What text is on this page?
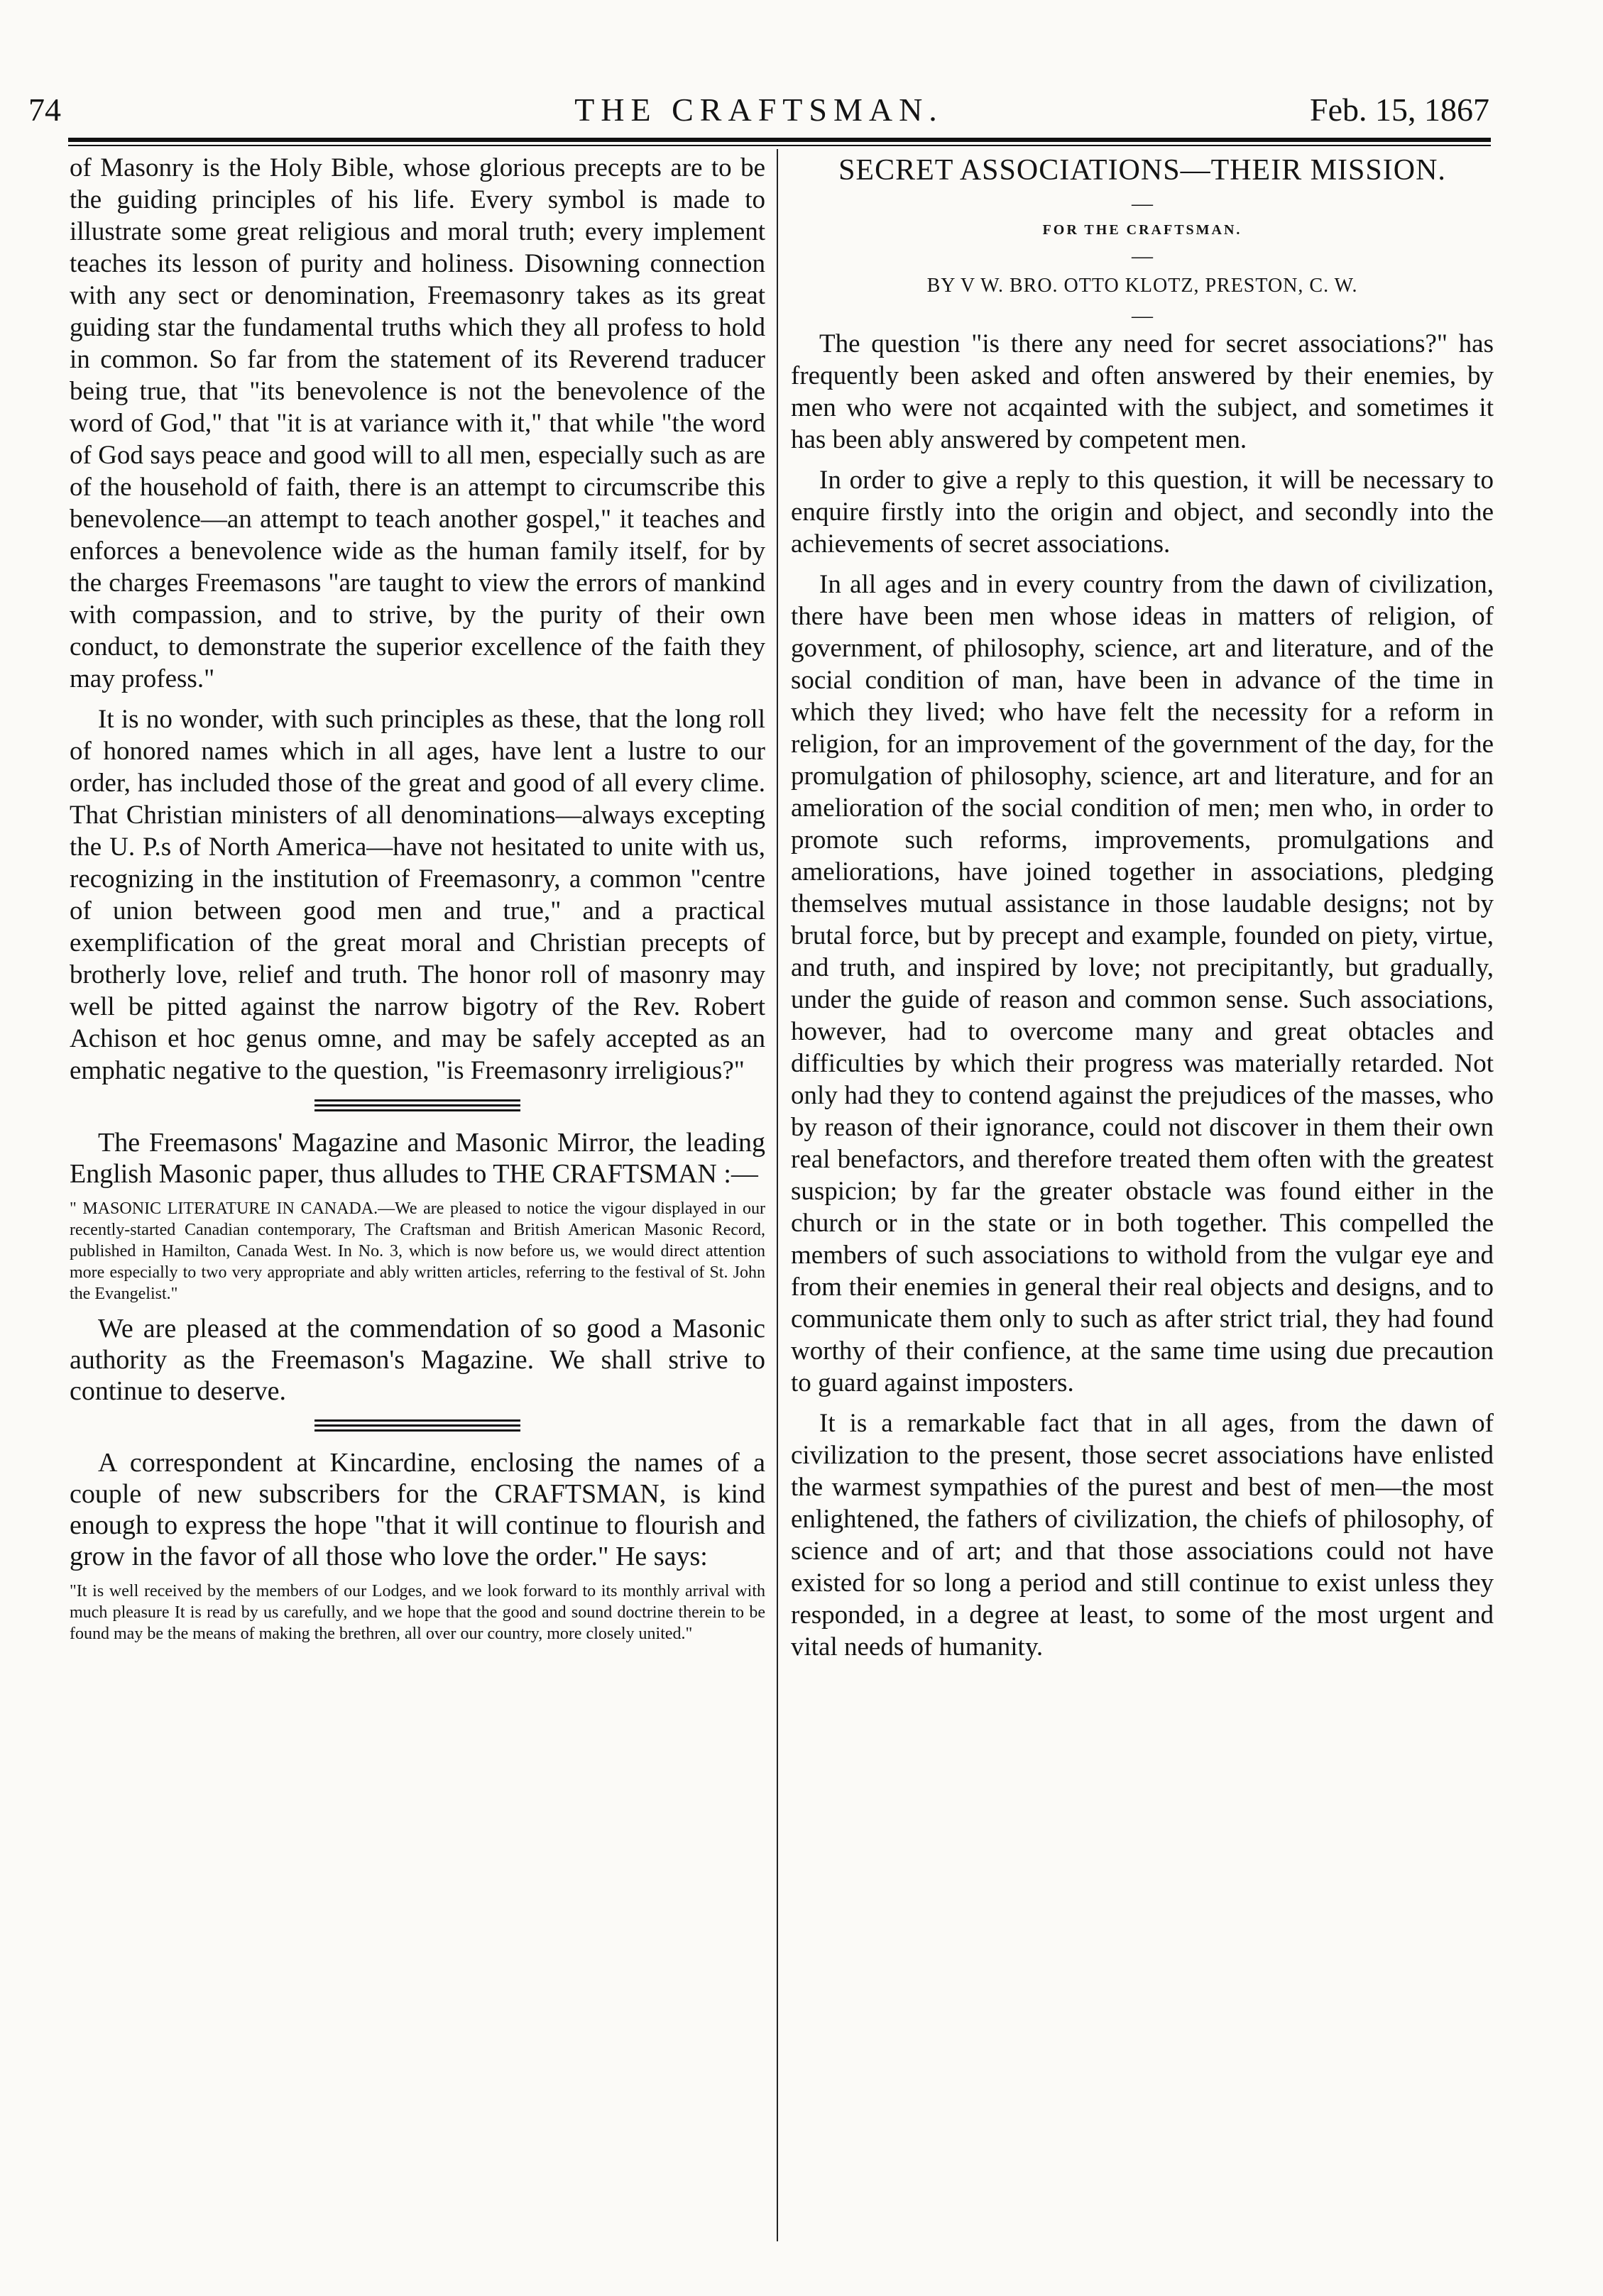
74	THE CRAFTSMAN.	Feb. 15, 1867

of Masonry is the Holy Bible, whose glorious precepts are to be the guiding principles of his life. Every symbol is made to illustrate some great religious and moral truth; every implement teaches its lesson of purity and holiness. Disowning connection with any sect or denomination, Freemasonry takes as its great guiding star the fundamental truths which they all profess to hold in common. So far from the statement of its Reverend traducer being true, that "its benevolence is not the benevolence of the word of God," that "it is at variance with it," that while "the word of God says peace and good will to all men, especially such as are of the household of faith, there is an attempt to circumscribe this benevolence—an attempt to teach another gospel," it teaches and enforces a benevolence wide as the human family itself, for by the charges Freemasons "are taught to view the errors of mankind with compassion, and to strive, by the purity of their own conduct, to demonstrate the superior excellence of the faith they may profess."

It is no wonder, with such principles as these, that the long roll of honored names which in all ages, have lent a lustre to our order, has included those of the great and good of all every clime. That Christian ministers of all denominations—always excepting the U. P.s of North America—have not hesitated to unite with us, recognizing in the institution of Freemasonry, a common "centre of union between good men and true," and a practical exemplification of the great moral and Christian precepts of brotherly love, relief and truth. The honor roll of masonry may well be pitted against the narrow bigotry of the Rev. Robert Achison et hoc genus omne, and may be safely accepted as an emphatic negative to the question, "is Freemasonry irreligious?"

The Freemasons' Magazine and Masonic Mirror, the leading English Masonic paper, thus alludes to THE CRAFTSMAN :—

" MASONIC LITERATURE IN CANADA.—We are pleased to notice the vigour displayed in our recently-started Canadian contemporary, The Craftsman and British American Masonic Record, published in Hamilton, Canada West. In No. 3, which is now before us, we would direct attention more especially to two very appropriate and ably written articles, referring to the festival of St. John the Evangelist."

We are pleased at the commendation of so good a Masonic authority as the Freemason's Magazine. We shall strive to continue to deserve.

A correspondent at Kincardine, enclosing the names of a couple of new subscribers for the CRAFTSMAN, is kind enough to express the hope "that it will continue to flourish and grow in the favor of all those who love the order." He says:

"It is well received by the members of our Lodges, and we look forward to its monthly arrival with much pleasure It is read by us carefully, and we hope that the good and sound doctrine therein to be found may be the means of making the brethren, all over our country, more closely united."

SECRET ASSOCIATIONS—THEIR MISSION.
—
FOR THE CRAFTSMAN.
—
BY V W. BRO. OTTO KLOTZ, PRESTON, C. W.
—

The question "is there any need for secret associations?" has frequently been asked and often answered by their enemies, by men who were not acqainted with the subject, and sometimes it has been ably answered by competent men.

In order to give a reply to this question, it will be necessary to enquire firstly into the origin and object, and secondly into the achievements of secret associations.

In all ages and in every country from the dawn of civilization, there have been men whose ideas in matters of religion, of government, of philosophy, science, art and literature, and of the social condition of man, have been in advance of the time in which they lived; who have felt the necessity for a reform in religion, for an improvement of the government of the day, for the promulgation of philosophy, science, art and literature, and for an amelioration of the social condition of men; men who, in order to promote such reforms, improvements, promulgations and ameliorations, have joined together in associations, pledging themselves mutual assistance in those laudable designs; not by brutal force, but by precept and example, founded on piety, virtue, and truth, and inspired by love; not precipitantly, but gradually, under the guide of reason and common sense. Such associations, however, had to overcome many and great obtacles and difficulties by which their progress was materially retarded. Not only had they to contend against the prejudices of the masses, who by reason of their ignorance, could not discover in them their own real benefactors, and therefore treated them often with the greatest suspicion; by far the greater obstacle was found either in the church or in the state or in both together. This compelled the members of such associations to withold from the vulgar eye and from their enemies in general their real objects and designs, and to communicate them only to such as after strict trial, they had found worthy of their confience, at the same time using due precaution to guard against imposters.

It is a remarkable fact that in all ages, from the dawn of civilization to the present, those secret associations have enlisted the warmest sympathies of the purest and best of men—the most enlightened, the fathers of civilization, the chiefs of philosophy, of science and of art; and that those associations could not have existed for so long a period and still continue to exist unless they responded, in a degree at least, to some of the most urgent and vital needs of humanity.
